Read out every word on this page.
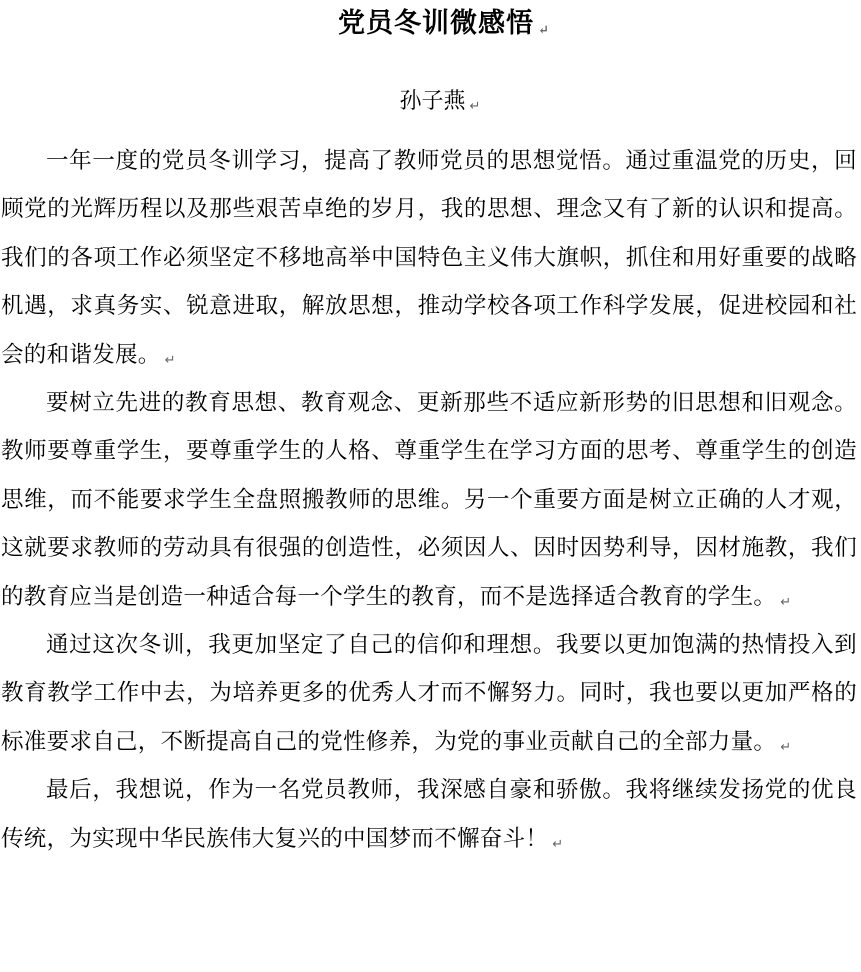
党员冬训微感悟 ↵
孙子燕 ↵

一年一度的党员冬训学习，提高了教师党员的思想觉悟。通过重温党的历史，回顾党的光辉历程以及那些艰苦卓绝的岁月，我的思想、理念又有了新的认识和提高。我们的各项工作必须坚定不移地高举中国特色主义伟大旗帜，抓住和用好重要的战略机遇，求真务实、锐意进取，解放思想，推动学校各项工作科学发展，促进校园和社会的和谐发展。 ↵

要树立先进的教育思想、教育观念、更新那些不适应新形势的旧思想和旧观念。教师要尊重学生，要尊重学生的人格、尊重学生在学习方面的思考、尊重学生的创造思维，而不能要求学生全盘照搬教师的思维。另一个重要方面是树立正确的人才观，这就要求教师的劳动具有很强的创造性，必须因人、因时因势利导，因材施教，我们的教育应当是创造一种适合每一个学生的教育，而不是选择适合教育的学生。 ↵

通过这次冬训，我更加坚定了自己的信仰和理想。我要以更加饱满的热情投入到教育教学工作中去，为培养更多的优秀人才而不懈努力。同时，我也要以更加严格的标准要求自己，不断提高自己的党性修养，为党的事业贡献自己的全部力量。 ↵

最后，我想说，作为一名党员教师，我深感自豪和骄傲。我将继续发扬党的优良传统，为实现中华民族伟大复兴的中国梦而不懈奋斗！ ↵
